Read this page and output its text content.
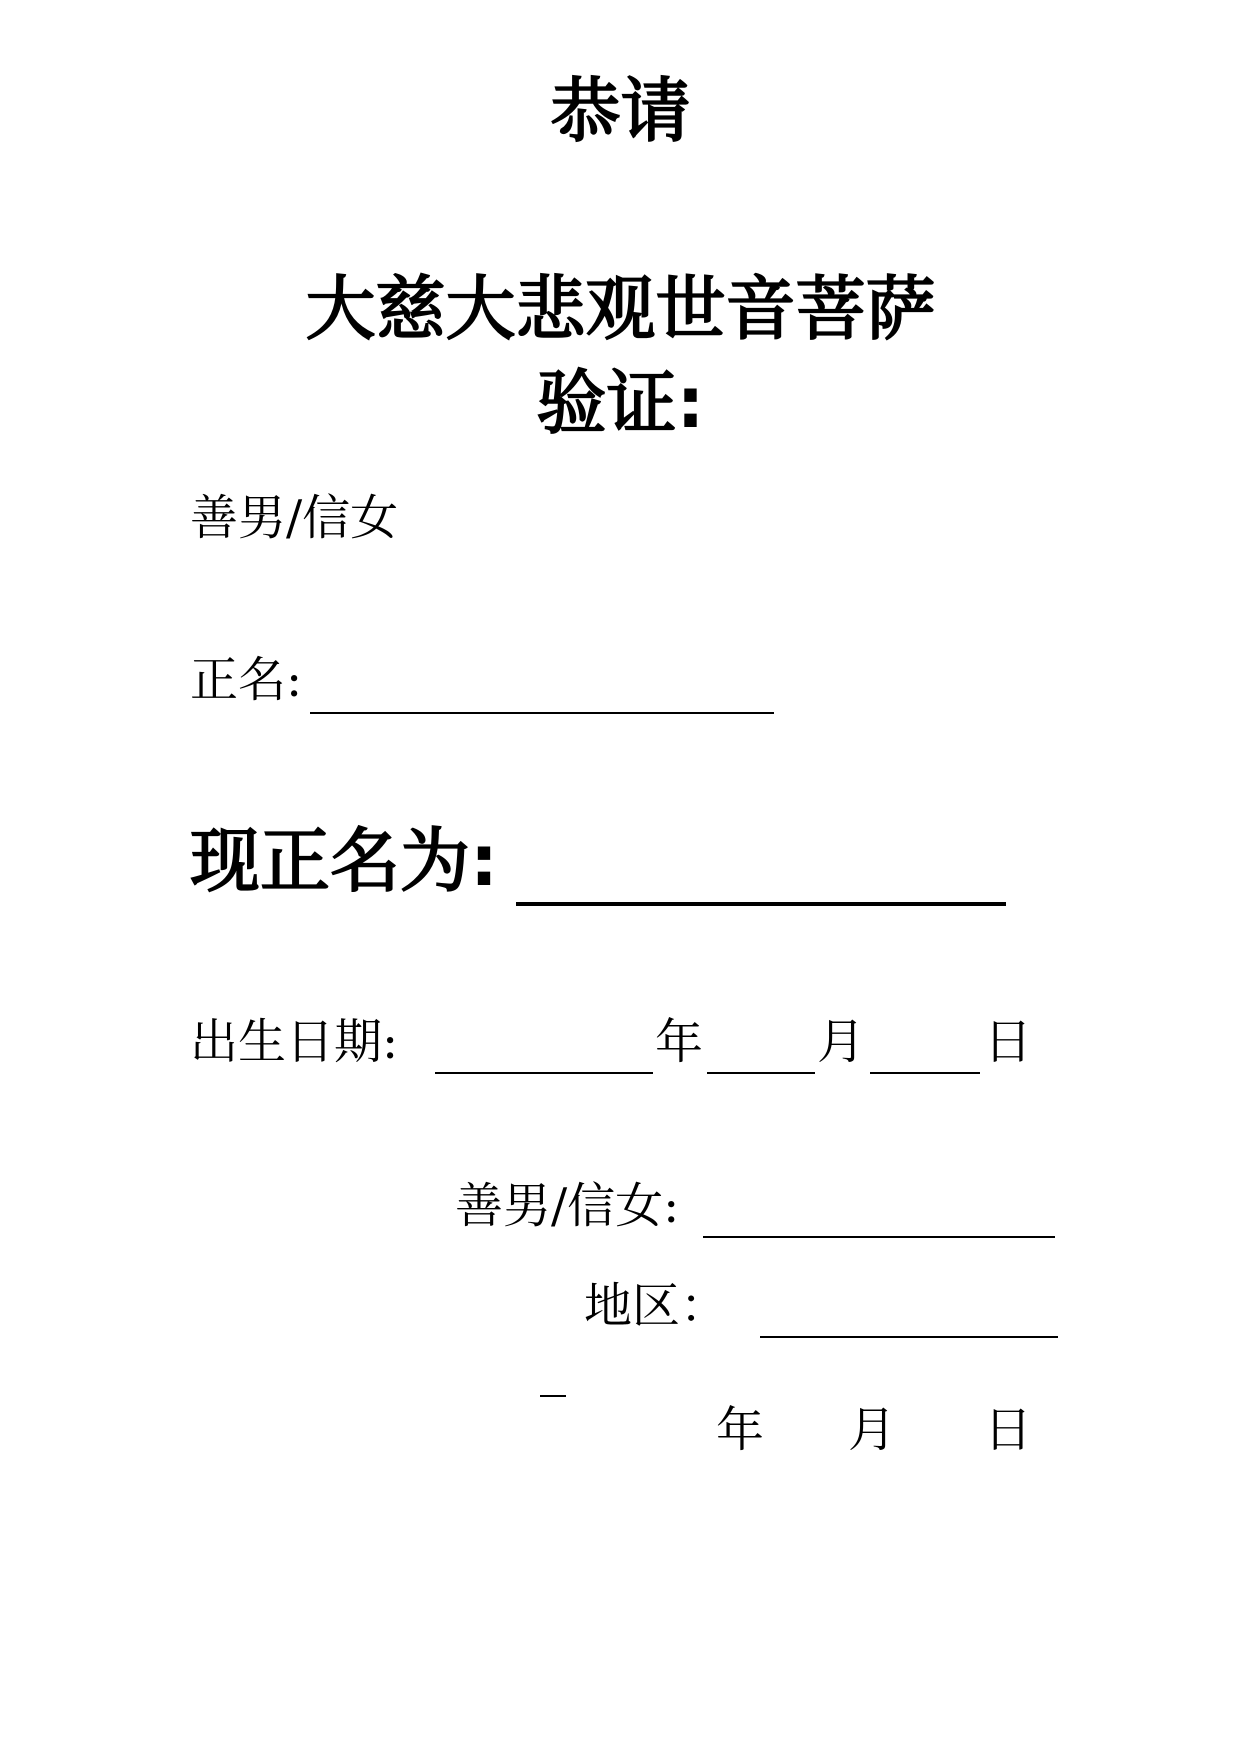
恭请
大慈大悲观世音菩萨
验证:
善男/信女
正名:
现正名为:
出生日期:	年 月 日
善男/信女:
地区：
年 月 日
